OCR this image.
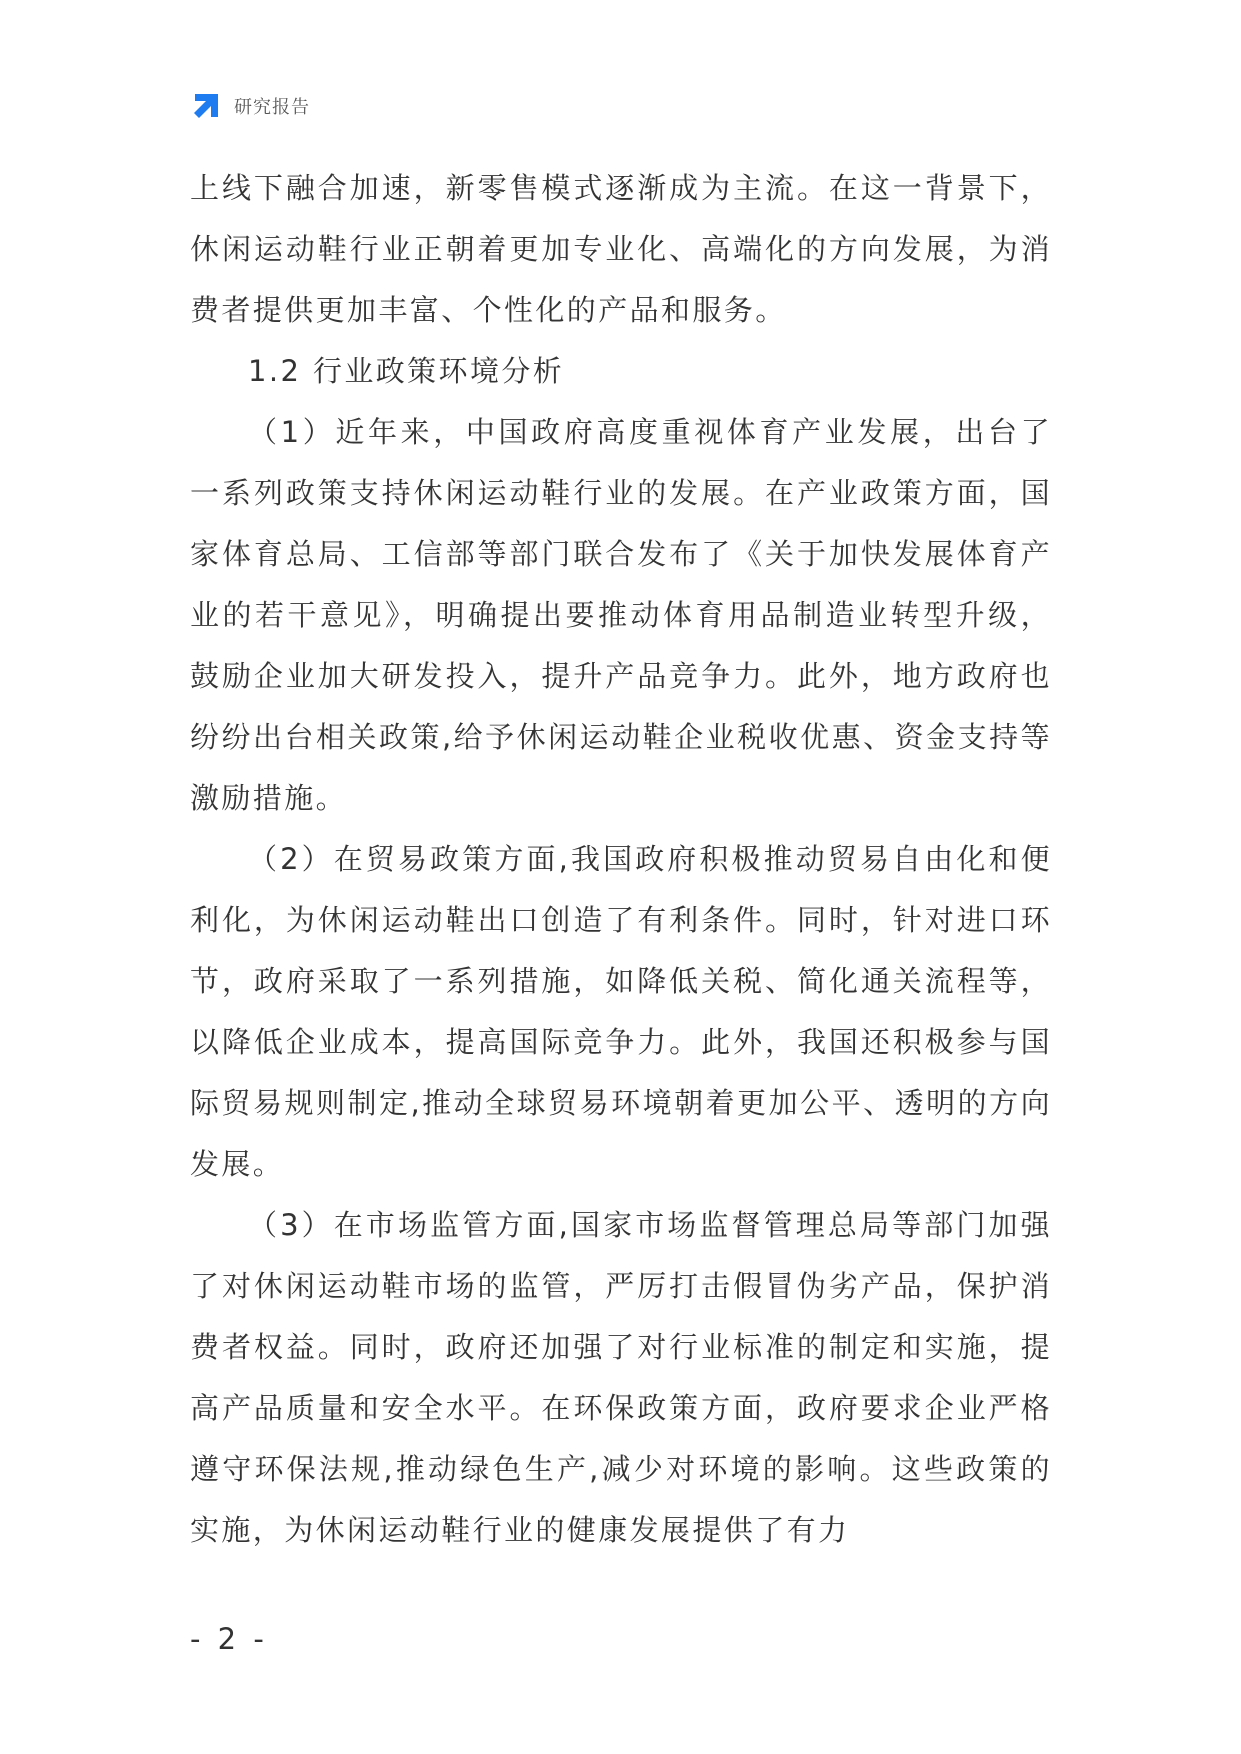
研究报告

上线下融合加速，新零售模式逐渐成为主流。在这一背景下，休闲运动鞋行业正朝着更加专业化、高端化的方向发展，为消费者提供更加丰富、个性化的产品和服务。

1.2 行业政策环境分析

（1）近年来，中国政府高度重视体育产业发展，出台了一系列政策支持休闲运动鞋行业的发展。在产业政策方面，国家体育总局、工信部等部门联合发布了《关于加快发展体育产业的若干意见》，明确提出要推动体育用品制造业转型升级，鼓励企业加大研发投入，提升产品竞争力。此外，地方政府也纷纷出台相关政策,给予休闲运动鞋企业税收优惠、资金支持等激励措施。

（2）在贸易政策方面,我国政府积极推动贸易自由化和便利化，为休闲运动鞋出口创造了有利条件。同时，针对进口环节，政府采取了一系列措施，如降低关税、简化通关流程等，以降低企业成本，提高国际竞争力。此外，我国还积极参与国际贸易规则制定,推动全球贸易环境朝着更加公平、透明的方向发展。

（3）在市场监管方面,国家市场监督管理总局等部门加强了对休闲运动鞋市场的监管，严厉打击假冒伪劣产品，保护消费者权益。同时，政府还加强了对行业标准的制定和实施，提高产品质量和安全水平。在环保政策方面，政府要求企业严格遵守环保法规,推动绿色生产,减少对环境的影响。这些政策的实施，为休闲运动鞋行业的健康发展提供了有力

- 2 -
